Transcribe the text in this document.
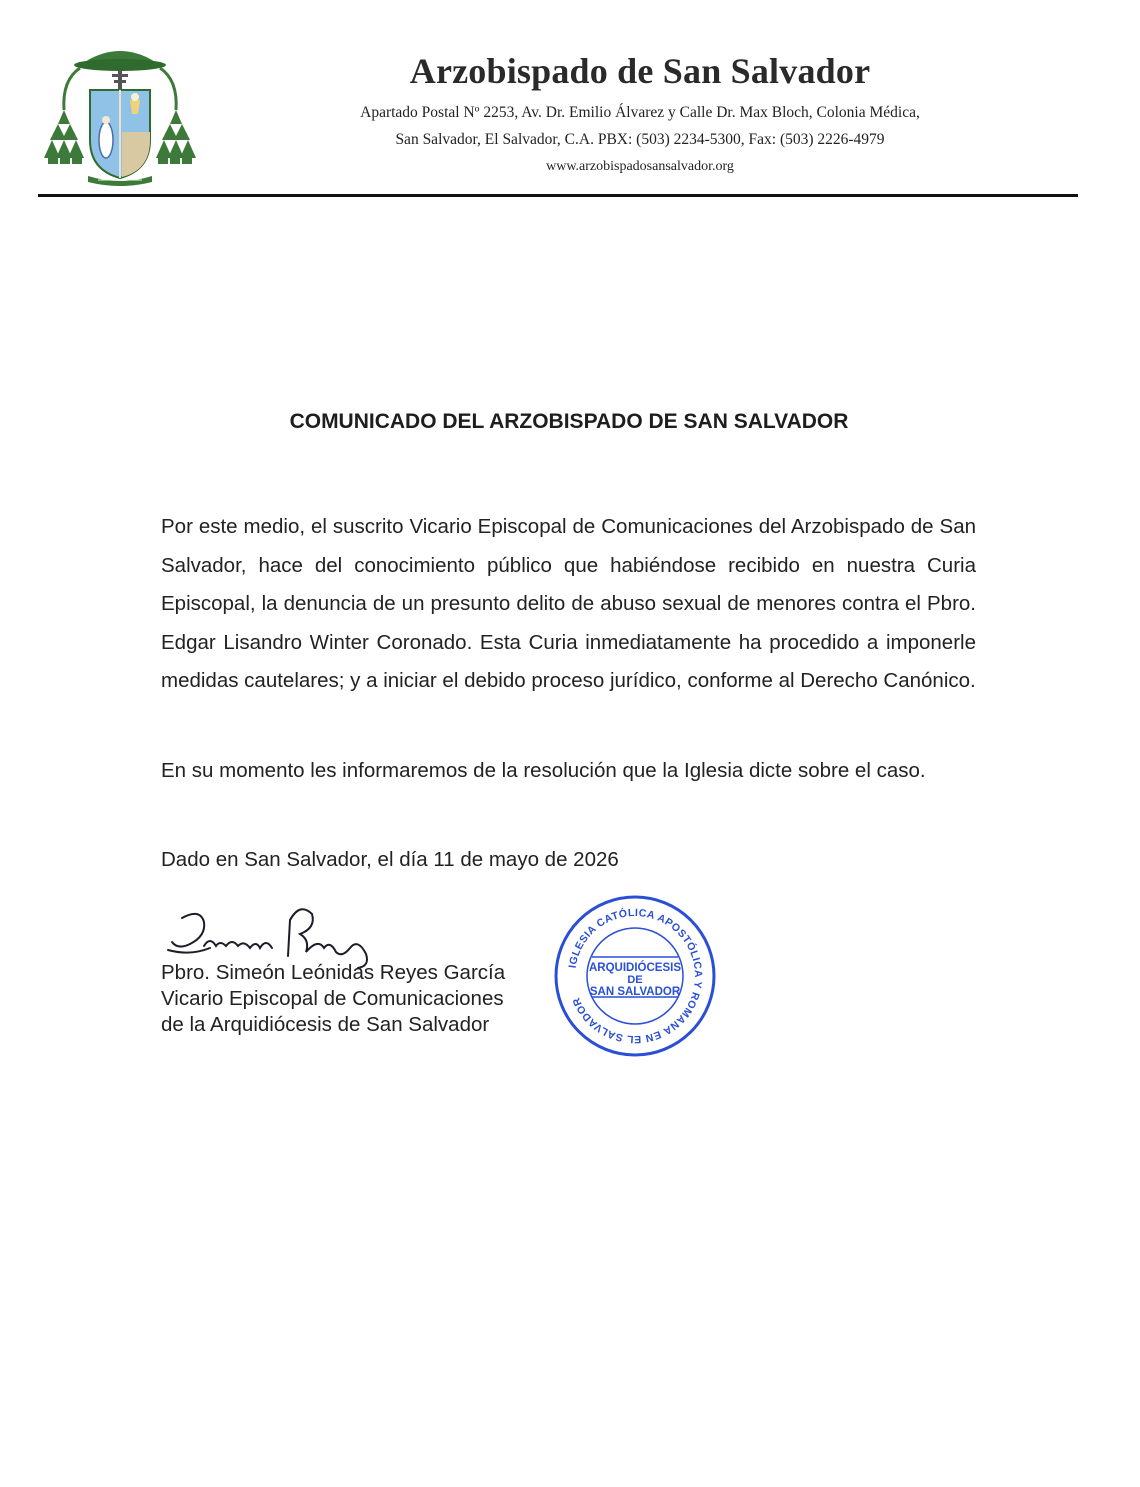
Arzobispado de San Salvador
Apartado Postal Nº 2253, Av. Dr. Emilio Álvarez y Calle Dr. Max Bloch, Colonia Médica,
San Salvador, El Salvador, C.A. PBX: (503) 2234-5300, Fax: (503) 2226-4979
www.arzobispadosansalvador.org
COMUNICADO DEL ARZOBISPADO DE SAN SALVADOR

Por este medio, el suscrito Vicario Episcopal de Comunicaciones del Arzobispado de San Salvador, hace del conocimiento público que habiéndose recibido en nuestra Curia Episcopal, la denuncia de un presunto delito de abuso sexual de menores contra el Pbro. Edgar Lisandro Winter Coronado. Esta Curia inmediatamente ha procedido a imponerle medidas cautelares; y a iniciar el debido proceso jurídico, conforme al Derecho Canónico.

En su momento les informaremos de la resolución que la Iglesia dicte sobre el caso.

Dado en San Salvador, el día 11 de mayo de 2026
Pbro. Simeón Leónidas Reyes García
Vicario Episcopal de Comunicaciones
de la Arquidiócesis de San Salvador
IGLESIA CATÓLICA APOSTÓLICA Y ROMANA EN EL SALVADOR
ARQUIDIÓCESIS
DE
SAN SALVADOR
